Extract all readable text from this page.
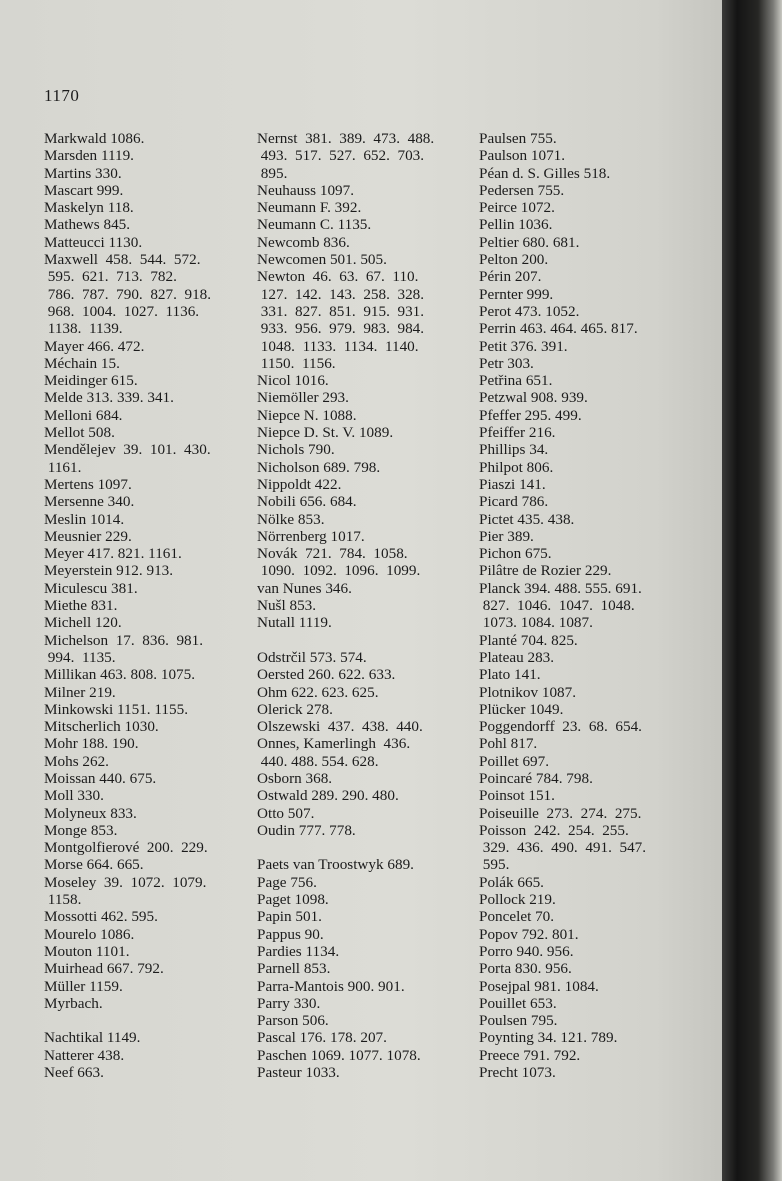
1170
Markwald 1086.
Marsden 1119.
Martins 330.
Mascart 999.
Maskelyn 118.
Mathews 845.
Matteucci 1130.
Maxwell  458.  544.  572.
595.  621.  713.  782.
786.  787.  790.  827.  918.
968.  1004.  1027.  1136.
1138.  1139.
Mayer 466. 472.
Méchain 15.
Meidinger 615.
Melde 313. 339. 341.
Melloni 684.
Mellot 508.
Mendělejev  39.  101.  430.
1161.
Mertens 1097.
Mersenne 340.
Meslin 1014.
Meusnier 229.
Meyer 417. 821. 1161.
Meyerstein 912. 913.
Miculescu 381.
Miethe 831.
Michell 120.
Michelson  17.  836.  981.
994.  1135.
Millikan 463. 808. 1075.
Milner 219.
Minkowski 1151. 1155.
Mitscherlich 1030.
Mohr 188. 190.
Mohs 262.
Moissan 440. 675.
Moll 330.
Molyneux 833.
Monge 853.
Montgolfierové  200.  229.
Morse 664. 665.
Moseley  39.  1072.  1079.
1158.
Mossotti 462. 595.
Mourelo 1086.
Mouton 1101.
Muirhead 667. 792.
Müller 1159.
Myrbach.
Nachtikal 1149.
Natterer 438.
Neef 663.
Nernst  381.  389.  473.  488.
493.  517.  527.  652.  703.
895.
Neuhauss 1097.
Neumann F. 392.
Neumann C. 1135.
Newcomb 836.
Newcomen 501. 505.
Newton  46.  63.  67.  110.
127.  142.  143.  258.  328.
331.  827.  851.  915.  931.
933.  956.  979.  983.  984.
1048.  1133.  1134.  1140.
1150.  1156.
Nicol 1016.
Niemöller 293.
Niepce N. 1088.
Niepce D. St. V. 1089.
Nichols 790.
Nicholson 689. 798.
Nippoldt 422.
Nobili 656. 684.
Nölke 853.
Nörrenberg 1017.
Novák  721.  784.  1058.
1090.  1092.  1096.  1099.
van Nunes 346.
Nušl 853.
Nutall 1119.
Odstrčil 573. 574.
Oersted 260. 622. 633.
Ohm 622. 623. 625.
Olerick 278.
Olszewski  437.  438.  440.
Onnes, Kamerlingh  436.
440. 488. 554. 628.
Osborn 368.
Ostwald 289. 290. 480.
Otto 507.
Oudin 777. 778.
Paets van Troostwyk 689.
Page 756.
Paget 1098.
Papin 501.
Pappus 90.
Pardies 1134.
Parnell 853.
Parra-Mantois 900. 901.
Parry 330.
Parson 506.
Pascal 176. 178. 207.
Paschen 1069. 1077. 1078.
Pasteur 1033.
Paulsen 755.
Paulson 1071.
Péan d. S. Gilles 518.
Pedersen 755.
Peirce 1072.
Pellin 1036.
Peltier 680. 681.
Pelton 200.
Périn 207.
Pernter 999.
Perot 473. 1052.
Perrin 463. 464. 465. 817.
Petit 376. 391.
Petr 303.
Petřina 651.
Petzwal 908. 939.
Pfeffer 295. 499.
Pfeiffer 216.
Phillips 34.
Philpot 806.
Piaszi 141.
Picard 786.
Pictet 435. 438.
Pier 389.
Pichon 675.
Pilâtre de Rozier 229.
Planck 394. 488. 555. 691.
827.  1046.  1047.  1048.
1073. 1084. 1087.
Planté 704. 825.
Plateau 283.
Plato 141.
Plotnikov 1087.
Plücker 1049.
Poggendorff  23.  68.  654.
Pohl 817.
Poillet 697.
Poincaré 784. 798.
Poinsot 151.
Poiseuille  273.  274.  275.
Poisson  242.  254.  255.
329.  436.  490.  491.  547.
595.
Polák 665.
Pollock 219.
Poncelet 70.
Popov 792. 801.
Porro 940. 956.
Porta 830. 956.
Posejpal 981. 1084.
Pouillet 653.
Poulsen 795.
Poynting 34. 121. 789.
Preece 791. 792.
Precht 1073.
